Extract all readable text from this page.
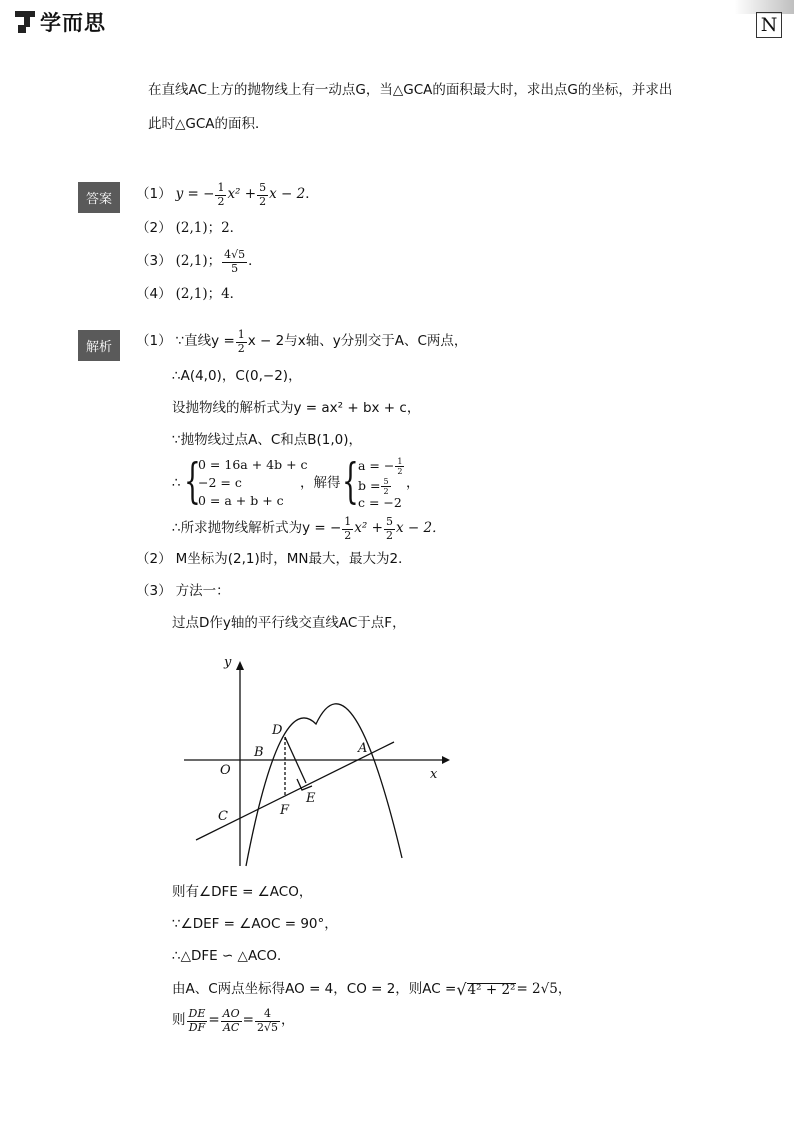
学而思	N
在直线AC上方的抛物线上有一动点G，当△GCA的面积最大时，求出点G的坐标，并求出
此时△GCA的面积．
答案	（1） y = − $\frac{1}{2} x^2 + \frac{5}{2}$ x − 2 ．
（2） (2,1)；2．
（3） (2,1)； $\frac{4√5}{5}$ ．
（4） (2,1)；4．
解析	（1） ∵直线$y = \frac{1}{2}$ x − 2与x轴、y分别交于A、C两点，
∴A(4,0)，C(0,−2)，
设抛物线的解析式为y = ax² + bx + c，
∵抛物线过点A、C和点B(1,0)，
∴ {
0 = 16a + 4b + c
−2 = c
0 = a + b + c
，解得 { a = − $\frac{1}{2}$
$b = \frac{5}{2}$
c = −2
，
∴所求抛物线解析式为y = − $\frac{1}{2} x^2 + \frac{5}{2}$ x − 2．
（2） M坐标为(2,1)时，MN最大，最大为2．
（3） 方法一：
过点D作y轴的平行线交直线AC于点F，
y
x
O
A
B
C
D
E
F
则有∠DFE = ∠ACO，
∵∠DEF = ∠AOC = 90°，
∴△DFE ∽ △ACO．
由A、C两点坐标得AO = 4，CO = 2，则AC = √ 4² + 2² = 2√5，
则 $\frac{DE}{DF} = \frac{AO}{AC} = \frac{4}{2√5}$ ，
